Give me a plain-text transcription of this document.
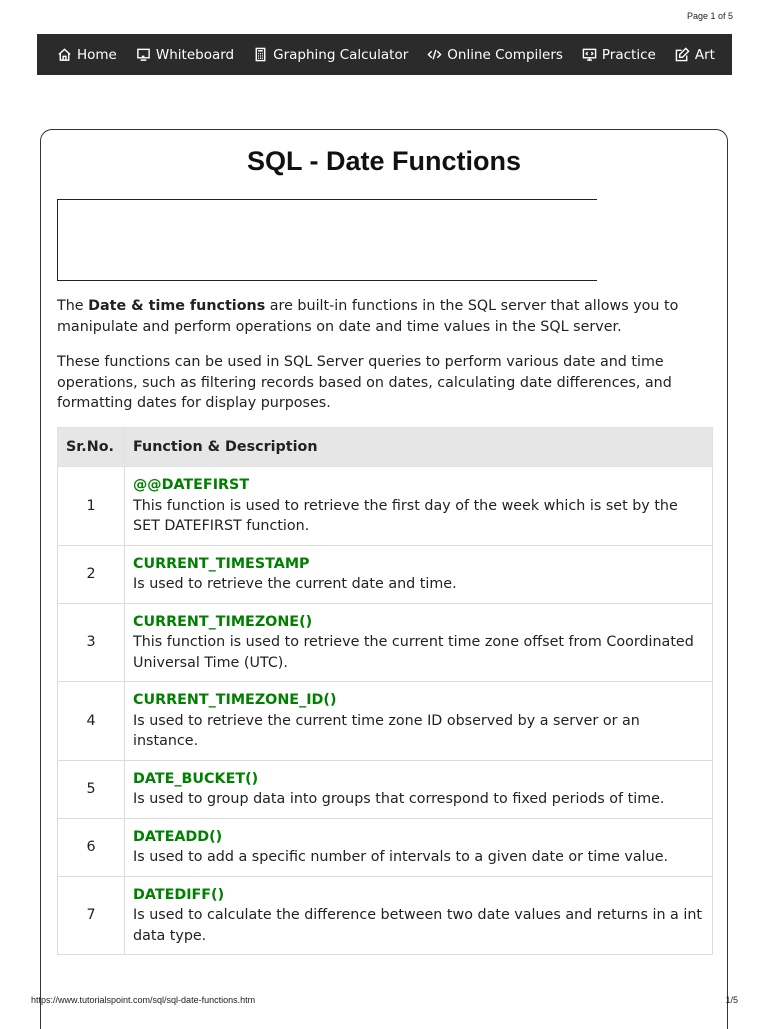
Page 1 of 5
Home	Whiteboard	Graphing Calculator	Online Compilers	Practice	Art
SQL - Date Functions

The Date & time functions are built-in functions in the SQL server that allows you to manipulate and perform operations on date and time values in the SQL server.

These functions can be used in SQL Server queries to perform various date and time operations, such as filtering records based on dates, calculating date differences, and formatting dates for display purposes.

Sr.No.	Function & Description
1	@@DATEFIRST
This function is used to retrieve the first day of the week which is set by the SET DATEFIRST function.

2	CURRENT_TIMESTAMP
Is used to retrieve the current date and time.

3	CURRENT_TIMEZONE()
This function is used to retrieve the current time zone offset from Coordinated Universal Time (UTC).

4	CURRENT_TIMEZONE_ID()
Is used to retrieve the current time zone ID observed by a server or an instance.

5	DATE_BUCKET()
Is used to group data into groups that correspond to fixed periods of time.

6	DATEADD()
Is used to add a specific number of intervals to a given date or time value.

7	DATEDIFF()
Is used to calculate the difference between two date values and returns in a int data type.
https://www.tutorialspoint.com/sql/sql-date-functions.htm	1/5
